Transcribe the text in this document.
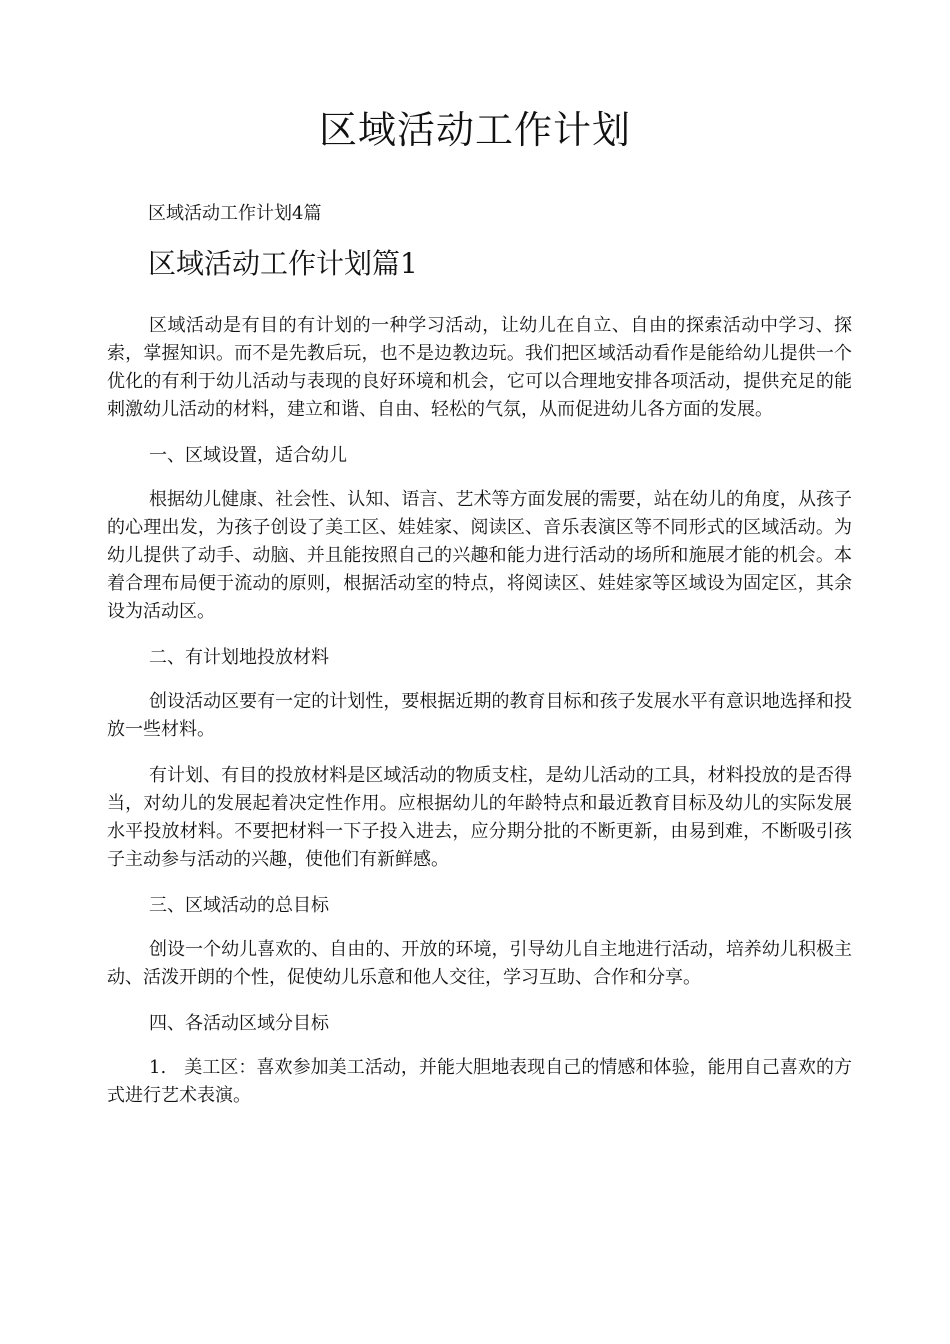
区域活动工作计划

区域活动工作计划4篇

区域活动工作计划篇1

区域活动是有目的有计划的一种学习活动，让幼儿在自立、自由的探索活动中学习、探索，掌握知识。而不是先教后玩，也不是边教边玩。我们把区域活动看作是能给幼儿提供一个优化的有利于幼儿活动与表现的良好环境和机会，它可以合理地安排各项活动，提供充足的能刺激幼儿活动的材料，建立和谐、自由、轻松的气氛，从而促进幼儿各方面的发展。

一、区域设置，适合幼儿

根据幼儿健康、社会性、认知、语言、艺术等方面发展的需要，站在幼儿的角度，从孩子的心理出发，为孩子创设了美工区、娃娃家、阅读区、音乐表演区等不同形式的区域活动。为幼儿提供了动手、动脑、并且能按照自己的兴趣和能力进行活动的场所和施展才能的机会。本着合理布局便于流动的原则，根据活动室的特点，将阅读区、娃娃家等区域设为固定区，其余设为活动区。

二、有计划地投放材料

创设活动区要有一定的计划性，要根据近期的教育目标和孩子发展水平有意识地选择和投放一些材料。

有计划、有目的投放材料是区域活动的物质支柱，是幼儿活动的工具，材料投放的是否得当，对幼儿的发展起着决定性作用。应根据幼儿的年龄特点和最近教育目标及幼儿的实际发展水平投放材料。不要把材料一下子投入进去，应分期分批的不断更新，由易到难，不断吸引孩子主动参与活动的兴趣，使他们有新鲜感。

三、区域活动的总目标

创设一个幼儿喜欢的、自由的、开放的环境，引导幼儿自主地进行活动，培养幼儿积极主动、活泼开朗的个性，促使幼儿乐意和他人交往，学习互助、合作和分享。

四、各活动区域分目标

1.　美工区：喜欢参加美工活动，并能大胆地表现自己的情感和体验，能用自己喜欢的方式进行艺术表演。
